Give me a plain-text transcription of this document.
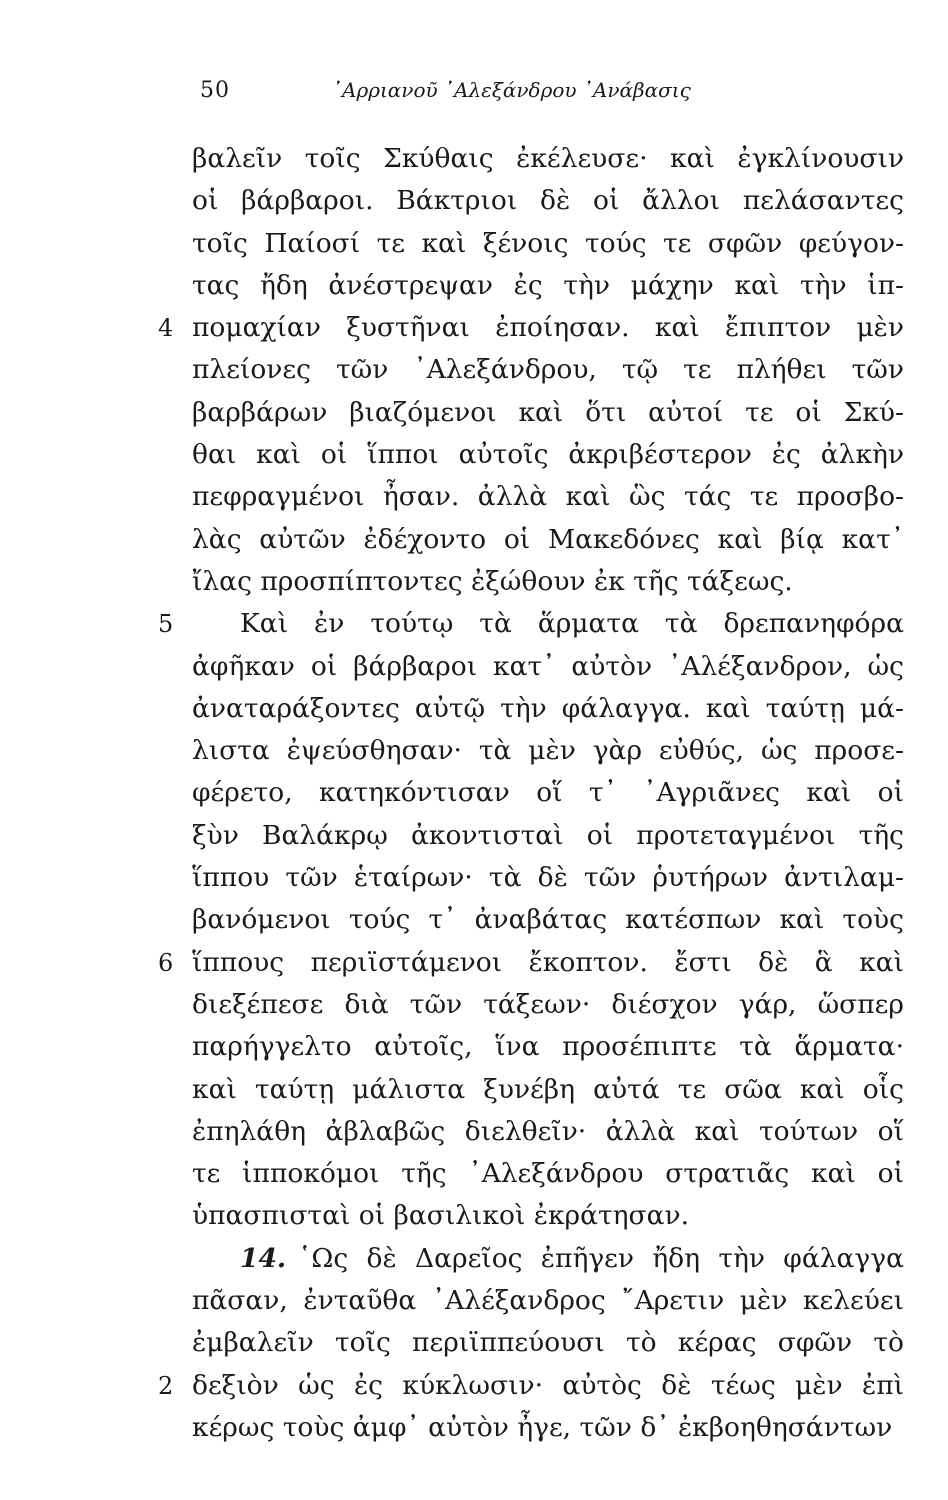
50	᾿Αρριανοῦ ᾿Αλεξάνδρου ᾿Ανάβασις
βαλεῖν τοῖς Σκύθαις ἐκέλευσε· καὶ ἐγκλίνουσιν
οἱ βάρβαροι. Βάκτριοι δὲ οἱ ἄλλοι πελάσαντες
τοῖς Παίοσί τε καὶ ξένοις τούς τε σφῶν φεύγον-
τας ἤδη ἀνέστρεψαν ἐς τὴν μάχην καὶ τὴν ἱπ-
4 πομαχίαν ξυστῆναι ἐποίησαν. καὶ ἔπιπτον μὲν
πλείονες τῶν ᾿Αλεξάνδρου, τῷ τε πλήθει τῶν
βαρβάρων βιαζόμενοι καὶ ὅτι αὐτοί τε οἱ Σκύ-
θαι καὶ οἱ ἵπποι αὐτοῖς ἀκριβέστερον ἐς ἀλκὴν
πεφραγμένοι ἦσαν. ἀλλὰ καὶ ὣς τάς τε προσβο-
λὰς αὐτῶν ἐδέχοντο οἱ Μακεδόνες καὶ βίᾳ κατ᾿
ἴλας προσπίπτοντες ἐξώθουν ἐκ τῆς τάξεως.
5	Καὶ ἐν τούτῳ τὰ ἅρματα τὰ δρεπανηφόρα
ἀφῆκαν οἱ βάρβαροι κατ᾿ αὐτὸν ᾿Αλέξανδρον, ὡς
ἀναταράξοντες αὐτῷ τὴν φάλαγγα. καὶ ταύτῃ μά-
λιστα ἐψεύσθησαν· τὰ μὲν γὰρ εὐθύς, ὡς προσε-
φέρετο, κατηκόντισαν οἵ τ᾿ ᾿Αγριᾶνες καὶ οἱ
ξὺν Βαλάκρῳ ἀκοντισταὶ οἱ προτεταγμένοι τῆς
ἵππου τῶν ἑταίρων· τὰ δὲ τῶν ῥυτήρων ἀντιλαμ-
βανόμενοι τούς τ᾿ ἀναβάτας κατέσπων καὶ τοὺς
6 ἵππους περιϊστάμενοι ἔκοπτον. ἔστι δὲ ἃ καὶ
διεξέπεσε διὰ τῶν τάξεων· διέσχον γάρ, ὥσπερ
παρήγγελτο αὐτοῖς, ἵνα προσέπιπτε τὰ ἅρματα·
καὶ ταύτῃ μάλιστα ξυνέβη αὐτά τε σῶα καὶ οἷς
ἐπηλάθη ἀβλαβῶς διελθεῖν· ἀλλὰ καὶ τούτων οἵ
τε ἱπποκόμοι τῆς ᾿Αλεξάνδρου στρατιᾶς καὶ οἱ
ὑπασπισταὶ οἱ βασιλικοὶ ἐκράτησαν.
14. ῾Ως δὲ Δαρεῖος ἐπῆγεν ἤδη τὴν φάλαγγα
πᾶσαν, ἐνταῦθα ᾿Αλέξανδρος ῎Αρετιν μὲν κελεύει
ἐμβαλεῖν τοῖς περιϊππεύουσι τὸ κέρας σφῶν τὸ
2 δεξιὸν ὡς ἐς κύκλωσιν· αὐτὸς δὲ τέως μὲν ἐπὶ
κέρως τοὺς ἀμφ᾿ αὐτὸν ἦγε, τῶν δ᾿ ἐκβοηθησάντων
